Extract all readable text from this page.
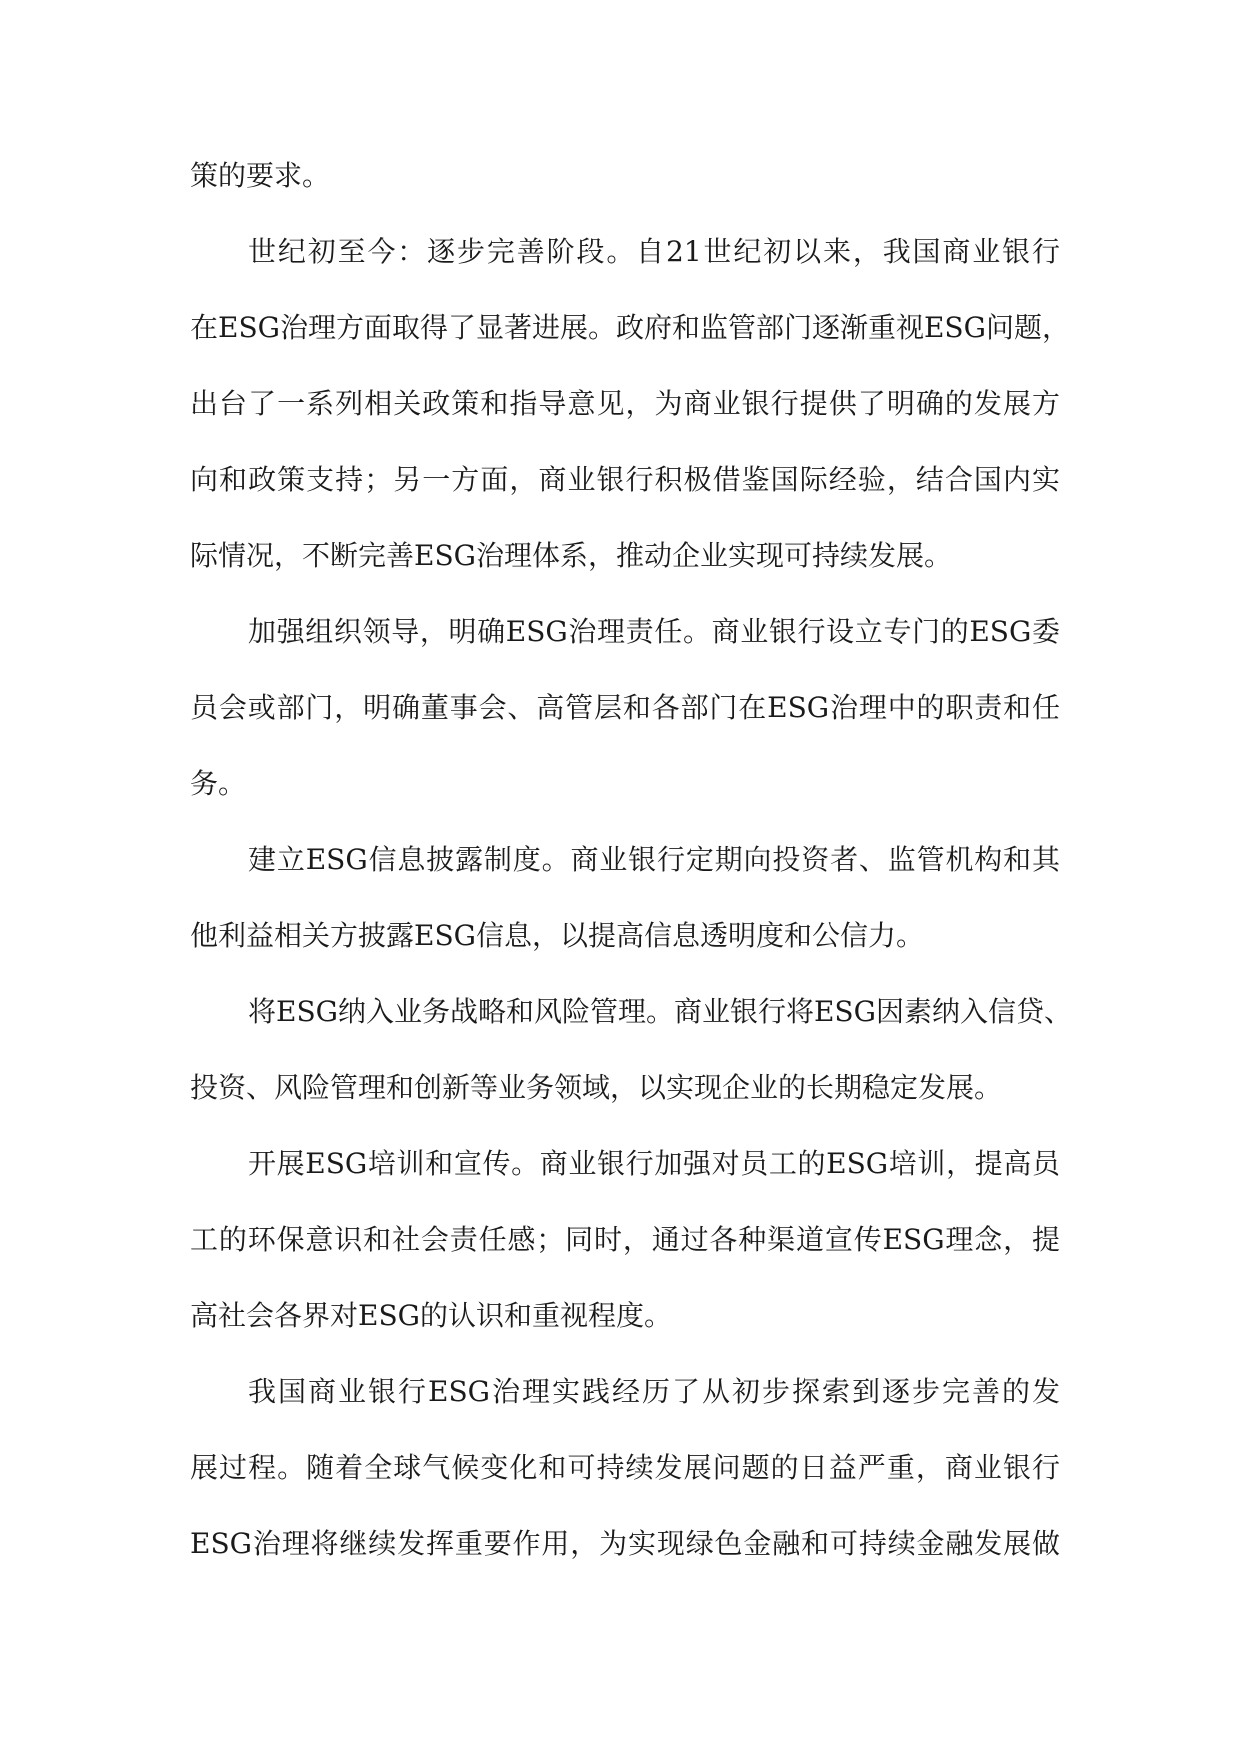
策的要求。
世纪初至今：逐步完善阶段。自21世纪初以来，我国商业银行
在ESG治理方面取得了显著进展。政府和监管部门逐渐重视ESG问题，
出台了一系列相关政策和指导意见，为商业银行提供了明确的发展方
向和政策支持；另一方面，商业银行积极借鉴国际经验，结合国内实
际情况，不断完善ESG治理体系，推动企业实现可持续发展。
加强组织领导，明确ESG治理责任。商业银行设立专门的ESG委
员会或部门，明确董事会、高管层和各部门在ESG治理中的职责和任
务。
建立ESG信息披露制度。商业银行定期向投资者、监管机构和其
他利益相关方披露ESG信息，以提高信息透明度和公信力。
将ESG纳入业务战略和风险管理。商业银行将ESG因素纳入信贷、
投资、风险管理和创新等业务领域，以实现企业的长期稳定发展。
开展ESG培训和宣传。商业银行加强对员工的ESG培训，提高员
工的环保意识和社会责任感；同时，通过各种渠道宣传ESG理念，提
高社会各界对ESG的认识和重视程度。
我国商业银行ESG治理实践经历了从初步探索到逐步完善的发
展过程。随着全球气候变化和可持续发展问题的日益严重，商业银行
ESG治理将继续发挥重要作用，为实现绿色金融和可持续金融发展做
